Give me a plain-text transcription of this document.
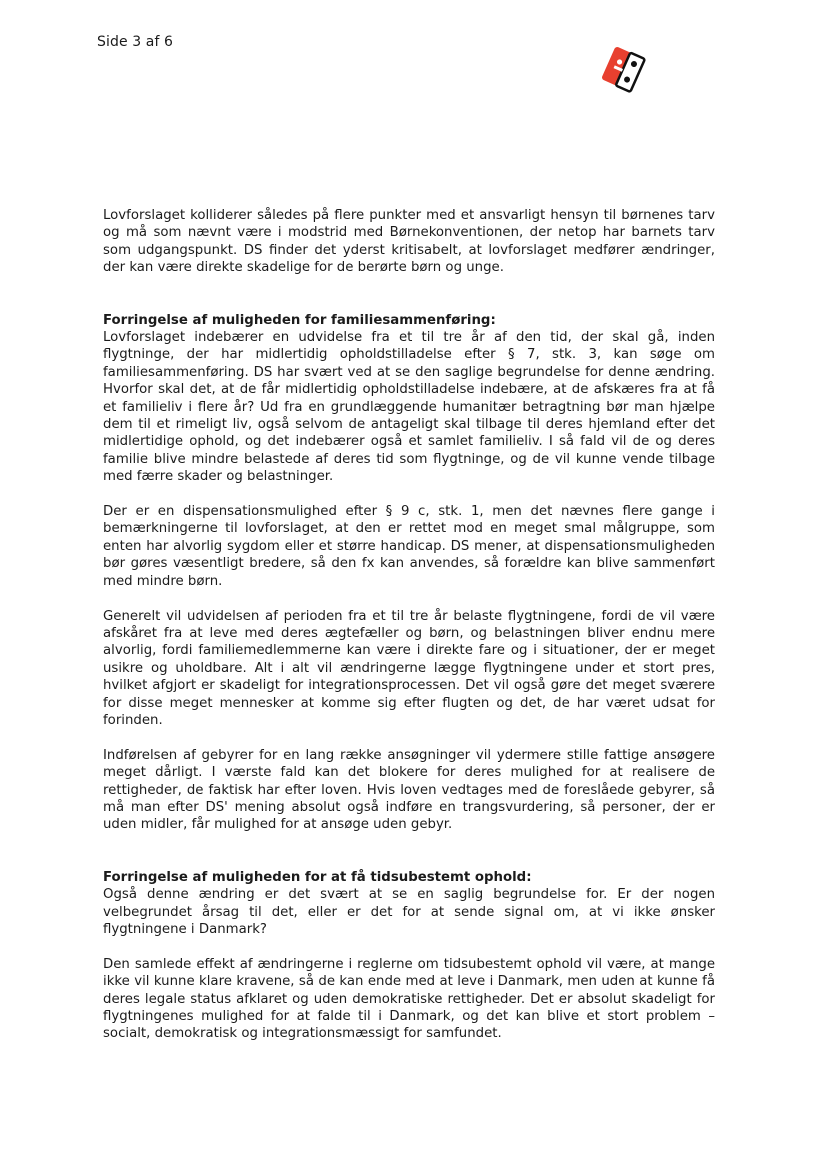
Side 3 af 6

Lovforslaget kolliderer således på flere punkter med et ansvarligt hensyn til børnenes tarv og må som nævnt være i modstrid med Børnekonventionen, der netop har barnets tarv som udgangspunkt. DS finder det yderst kritisabelt, at lovforslaget medfører ændringer, der kan være direkte skadelige for de berørte børn og unge.

Forringelse af muligheden for familiesammenføring:

Lovforslaget indebærer en udvidelse fra et til tre år af den tid, der skal gå, inden flygtninge, der har midlertidig opholdstilladelse efter § 7, stk. 3, kan søge om familiesammenføring. DS har svært ved at se den saglige begrundelse for denne ændring. Hvorfor skal det, at de får midlertidig opholdstilladelse indebære, at de afskæres fra at få et familieliv i flere år? Ud fra en grundlæggende humanitær betragtning bør man hjælpe dem til et rimeligt liv, også selvom de antageligt skal tilbage til deres hjemland efter det midlertidige ophold, og det indebærer også et samlet familieliv. I så fald vil de og deres familie blive mindre belastede af deres tid som flygtninge, og de vil kunne vende tilbage med færre skader og belastninger.

Der er en dispensationsmulighed efter § 9 c, stk. 1, men det nævnes flere gange i bemærkningerne til lovforslaget, at den er rettet mod en meget smal målgruppe, som enten har alvorlig sygdom eller et større handicap. DS mener, at dispensationsmuligheden bør gøres væsentligt bredere, så den fx kan anvendes, så forældre kan blive sammenført med mindre børn.

Generelt vil udvidelsen af perioden fra et til tre år belaste flygtningene, fordi de vil være afskåret fra at leve med deres ægtefæller og børn, og belastningen bliver endnu mere alvorlig, fordi familiemedlemmerne kan være i direkte fare og i situationer, der er meget usikre og uholdbare. Alt i alt vil ændringerne lægge flygtningene under et stort pres, hvilket afgjort er skadeligt for integrationsprocessen. Det vil også gøre det meget sværere for disse meget mennesker at komme sig efter flugten og det, de har været udsat for forinden.

Indførelsen af gebyrer for en lang række ansøgninger vil ydermere stille fattige ansøgere meget dårligt. I værste fald kan det blokere for deres mulighed for at realisere de rettigheder, de faktisk har efter loven. Hvis loven vedtages med de foreslåede gebyrer, så må man efter DS' mening absolut også indføre en trangsvurdering, så personer, der er uden midler, får mulighed for at ansøge uden gebyr.

Forringelse af muligheden for at få tidsubestemt ophold:

Også denne ændring er det svært at se en saglig begrundelse for. Er der nogen velbegrundet årsag til det, eller er det for at sende signal om, at vi ikke ønsker flygtningene i Danmark?

Den samlede effekt af ændringerne i reglerne om tidsubestemt ophold vil være, at mange ikke vil kunne klare kravene, så de kan ende med at leve i Danmark, men uden at kunne få deres legale status afklaret og uden demokratiske rettigheder. Det er absolut skadeligt for flygtningenes mulighed for at falde til i Danmark, og det kan blive et stort problem – socialt, demokratisk og integrationsmæssigt for samfundet.
